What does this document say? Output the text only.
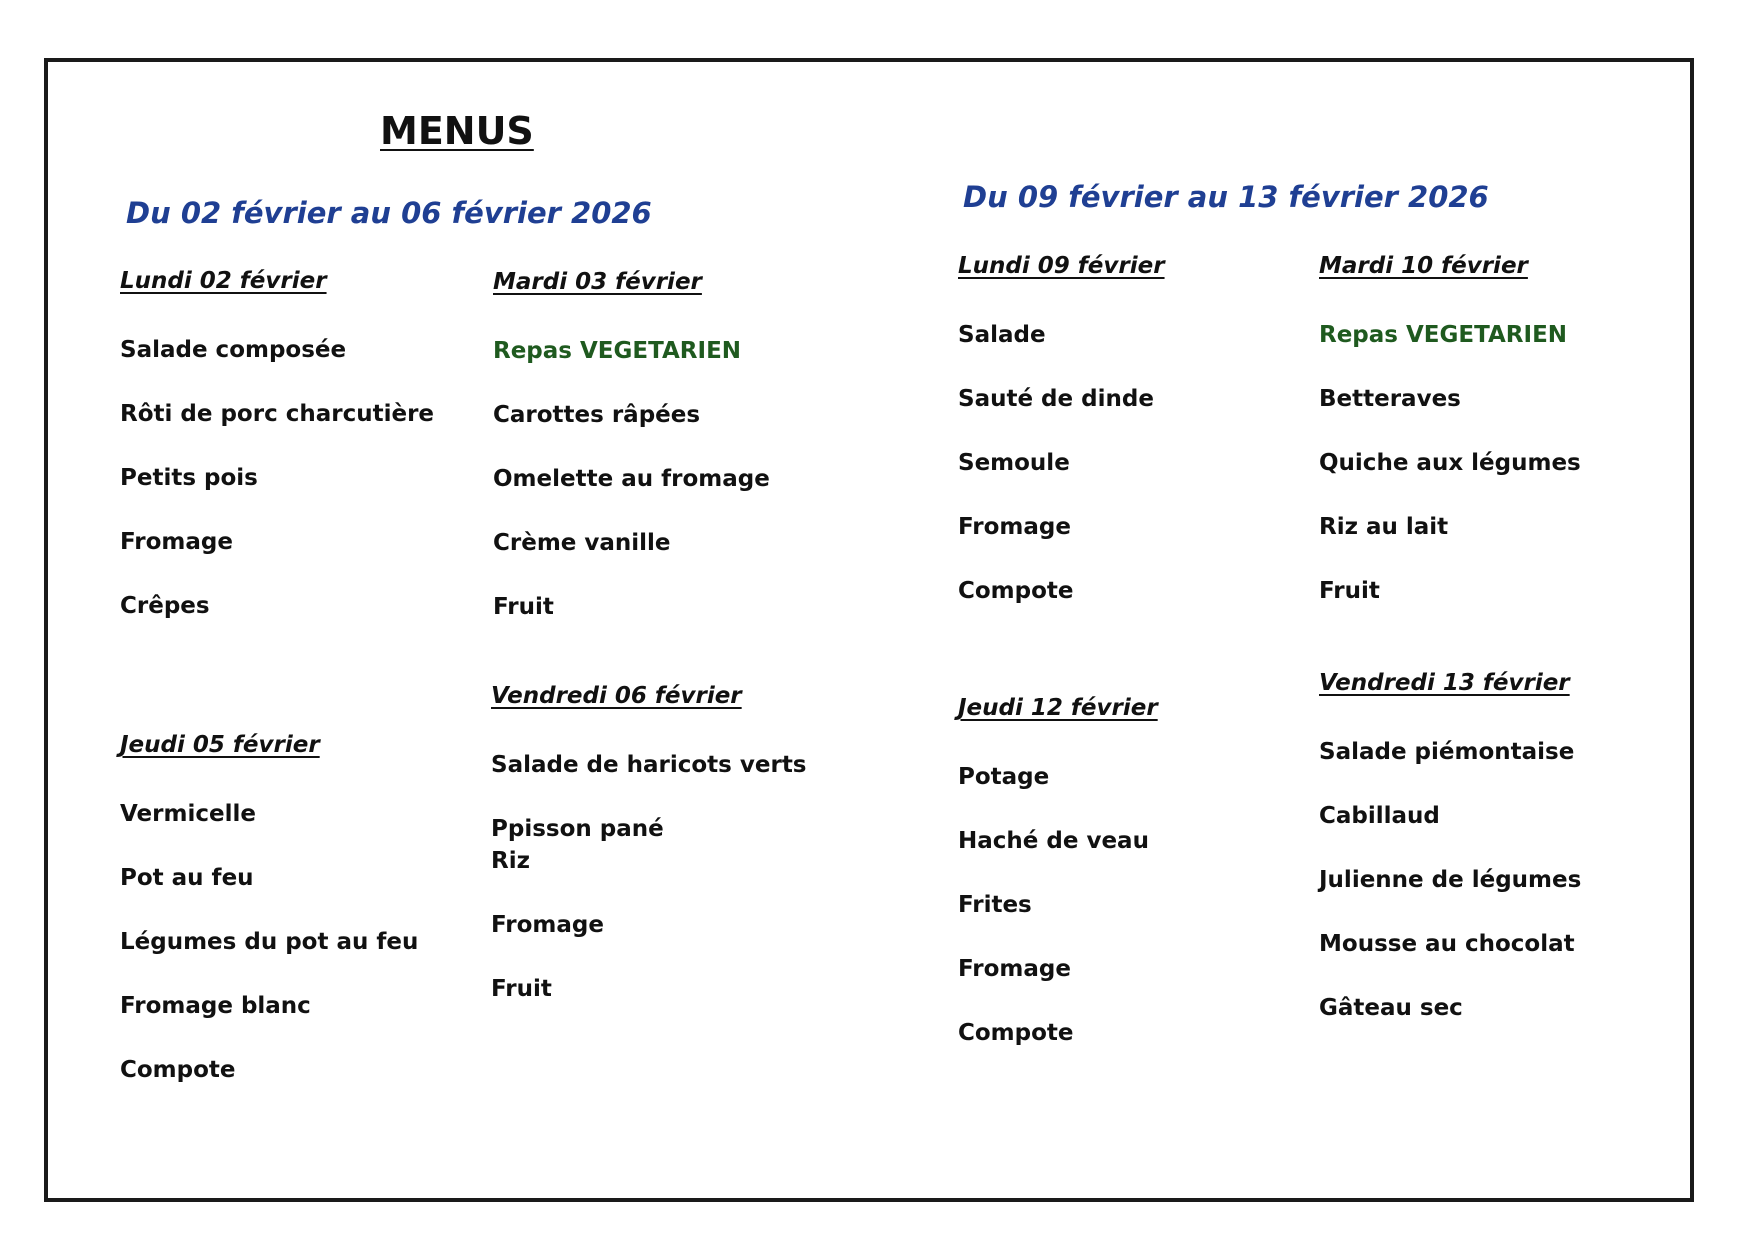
MENUS
Du 02 février au 06 février 2026
Lundi 02 février
Salade composée
Rôti de porc charcutière
Petits pois
Fromage
Crêpes
Mardi 03 février
Repas VEGETARIEN
Carottes râpées
Omelette au fromage
Crème vanille
Fruit
Jeudi 05 février
Vermicelle
Pot au feu
Légumes du pot au feu
Fromage blanc
Compote
Vendredi 06 février
Salade de haricots verts
Ppisson pané
Riz
Fromage
Fruit
Du 09 février au 13 février 2026
Lundi 09 février
Salade
Sauté de dinde
Semoule
Fromage
Compote
Mardi 10 février
Repas VEGETARIEN
Betteraves
Quiche aux légumes
Riz au lait
Fruit
Jeudi 12 février
Potage
Haché de veau
Frites
Fromage
Compote
Vendredi 13 février
Salade piémontaise
Cabillaud
Julienne de légumes
Mousse au chocolat
Gâteau sec
